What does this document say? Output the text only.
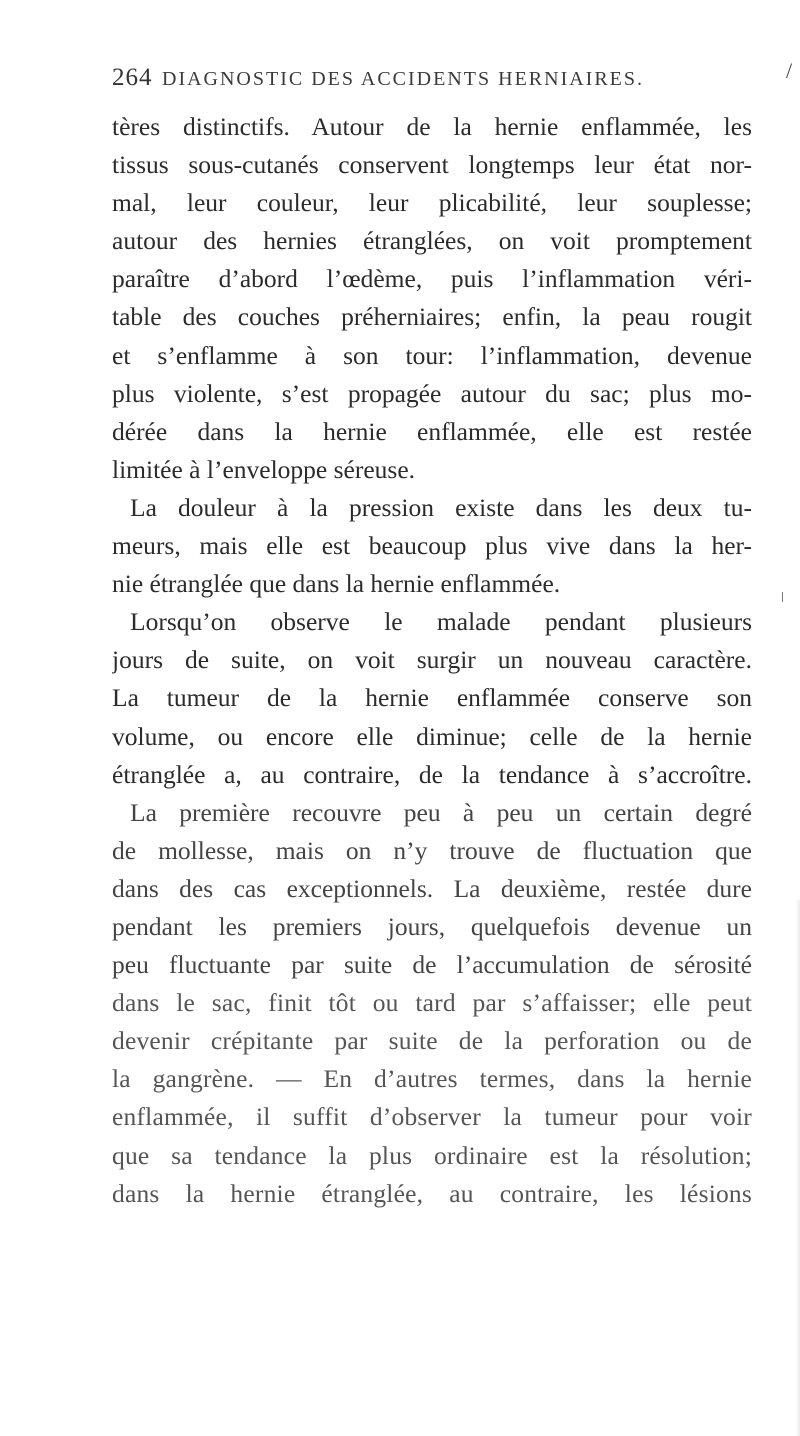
264 DIAGNOSTIC DES ACCIDENTS HERNIAIRES.	/
tères distinctifs. Autour de la hernie enflammée, les
tissus sous-cutanés conservent longtemps leur état nor-
mal, leur couleur, leur plicabilité, leur souplesse;
autour des hernies étranglées, on voit promptement
paraître d’abord l’œdème, puis l’inflammation véri-
table des couches préherniaires; enfin, la peau rougit
et s’enflamme à son tour: l’inflammation, devenue
plus violente, s’est propagée autour du sac; plus mo-
dérée dans la hernie enflammée, elle est restée
limitée à l’enveloppe séreuse.
La douleur à la pression existe dans les deux tu-
meurs, mais elle est beaucoup plus vive dans la her-
nie étranglée que dans la hernie enflammée.
Lorsqu’on observe le malade pendant plusieurs
jours de suite, on voit surgir un nouveau caractère.
La tumeur de la hernie enflammée conserve son
volume, ou encore elle diminue; celle de la hernie
étranglée a, au contraire, de la tendance à s’accroître.
La première recouvre peu à peu un certain degré
de mollesse, mais on n’y trouve de fluctuation que
dans des cas exceptionnels. La deuxième, restée dure
pendant les premiers jours, quelquefois devenue un
peu fluctuante par suite de l’accumulation de sérosité
dans le sac, finit tôt ou tard par s’affaisser; elle peut
devenir crépitante par suite de la perforation ou de
la gangrène. — En d’autres termes, dans la hernie
enflammée, il suffit d’observer la tumeur pour voir
que sa tendance la plus ordinaire est la résolution;
dans la hernie étranglée, au contraire, les lésions
